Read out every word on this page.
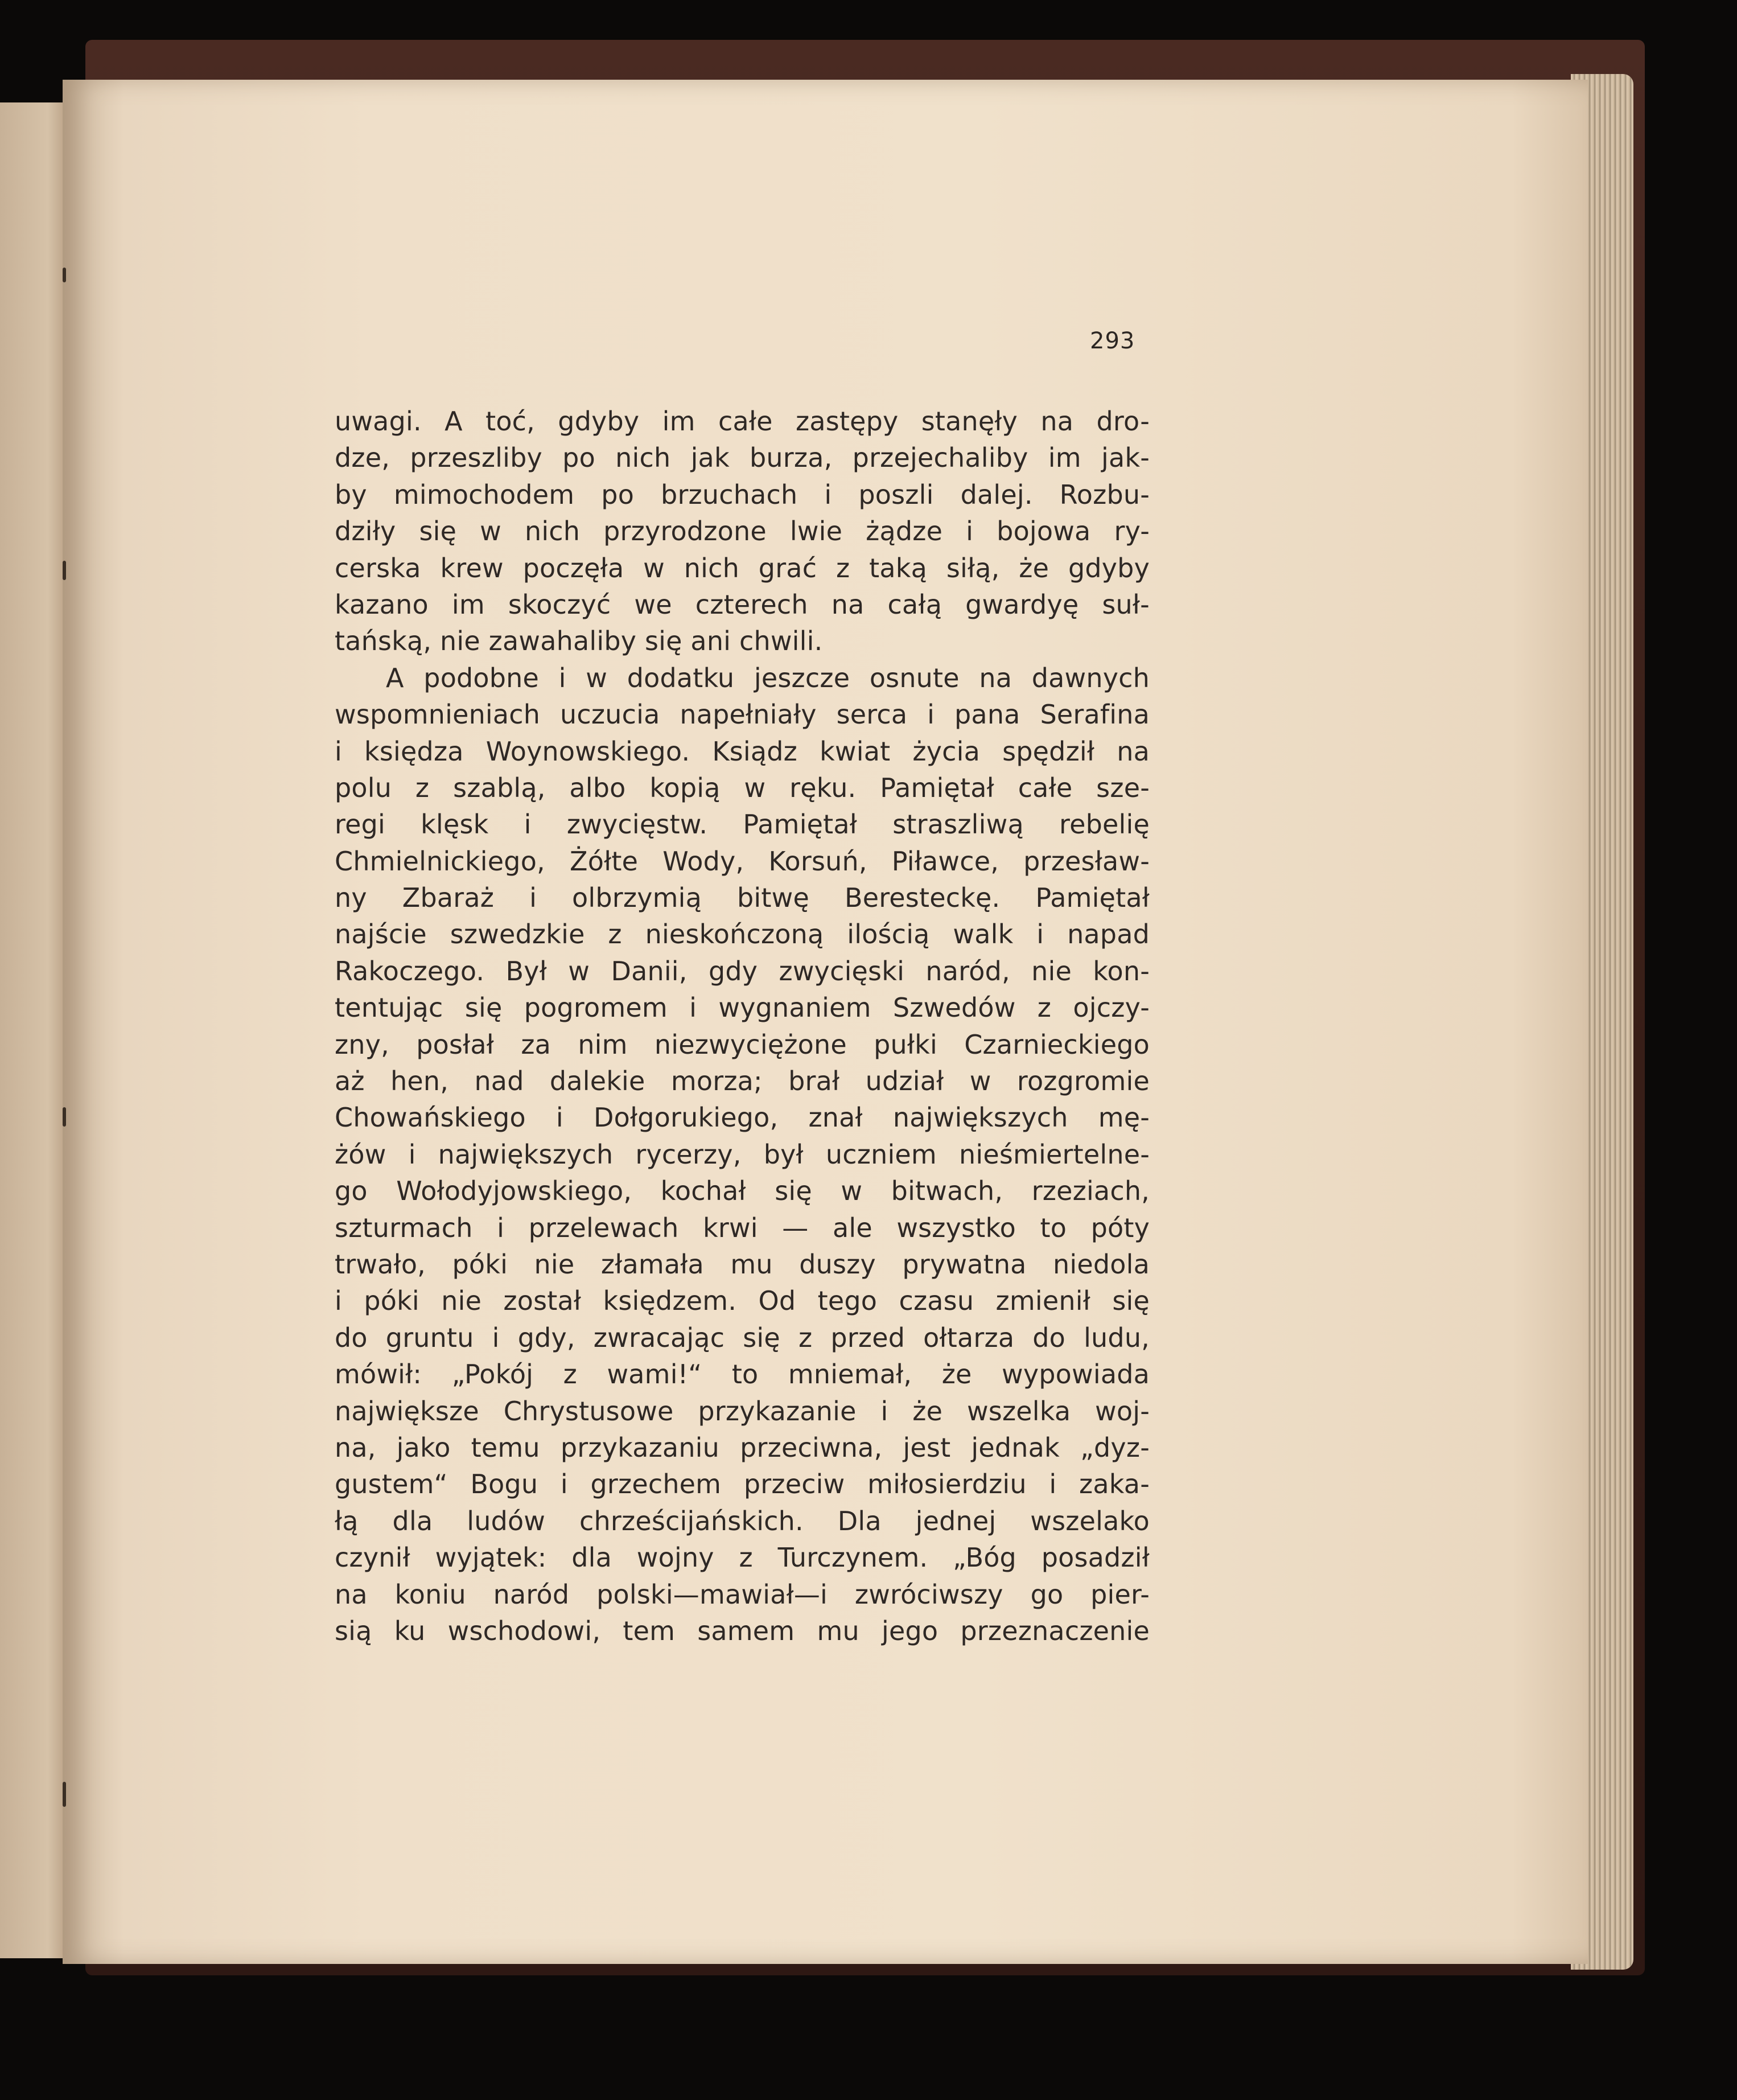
293
uwagi. A toć, gdyby im całe zastępy stanęły na dro-
dze, przeszliby po nich jak burza, przejechaliby im jak-
by mimochodem po brzuchach i poszli dalej. Rozbu-
dziły się w nich przyrodzone lwie żądze i bojowa ry-
cerska krew poczęła w nich grać z taką siłą, że gdyby
kazano im skoczyć we czterech na całą gwardyę suł-
tańską, nie zawahaliby się ani chwili.
A podobne i w dodatku jeszcze osnute na dawnych
wspomnieniach uczucia napełniały serca i pana Serafina
i księdza Woynowskiego. Ksiądz kwiat życia spędził na
polu z szablą, albo kopią w ręku. Pamiętał całe sze-
regi klęsk i zwycięstw. Pamiętał straszliwą rebelię
Chmielnickiego, Żółte Wody, Korsuń, Piławce, przesław-
ny Zbaraż i olbrzymią bitwę Beresteckę. Pamiętał
najście szwedzkie z nieskończoną ilością walk i napad
Rakoczego. Był w Danii, gdy zwycięski naród, nie kon-
tentując się pogromem i wygnaniem Szwedów z ojczy-
zny, posłał za nim niezwyciężone pułki Czarnieckiego
aż hen, nad dalekie morza; brał udział w rozgromie
Chowańskiego i Dołgorukiego, znał największych mę-
żów i największych rycerzy, był uczniem nieśmiertelne-
go Wołodyjowskiego, kochał się w bitwach, rzeziach,
szturmach i przelewach krwi — ale wszystko to póty
trwało, póki nie złamała mu duszy prywatna niedola
i póki nie został księdzem. Od tego czasu zmienił się
do gruntu i gdy, zwracając się z przed ołtarza do ludu,
mówił: „Pokój z wami!“ to mniemał, że wypowiada
największe Chrystusowe przykazanie i że wszelka woj-
na, jako temu przykazaniu przeciwna, jest jednak „dyz-
gustem“ Bogu i grzechem przeciw miłosierdziu i zaka-
łą dla ludów chrześcijańskich. Dla jednej wszelako
czynił wyjątek: dla wojny z Turczynem. „Bóg posadził
na koniu naród polski—mawiał—i zwróciwszy go pier-
sią ku wschodowi, tem samem mu jego przeznaczenie
